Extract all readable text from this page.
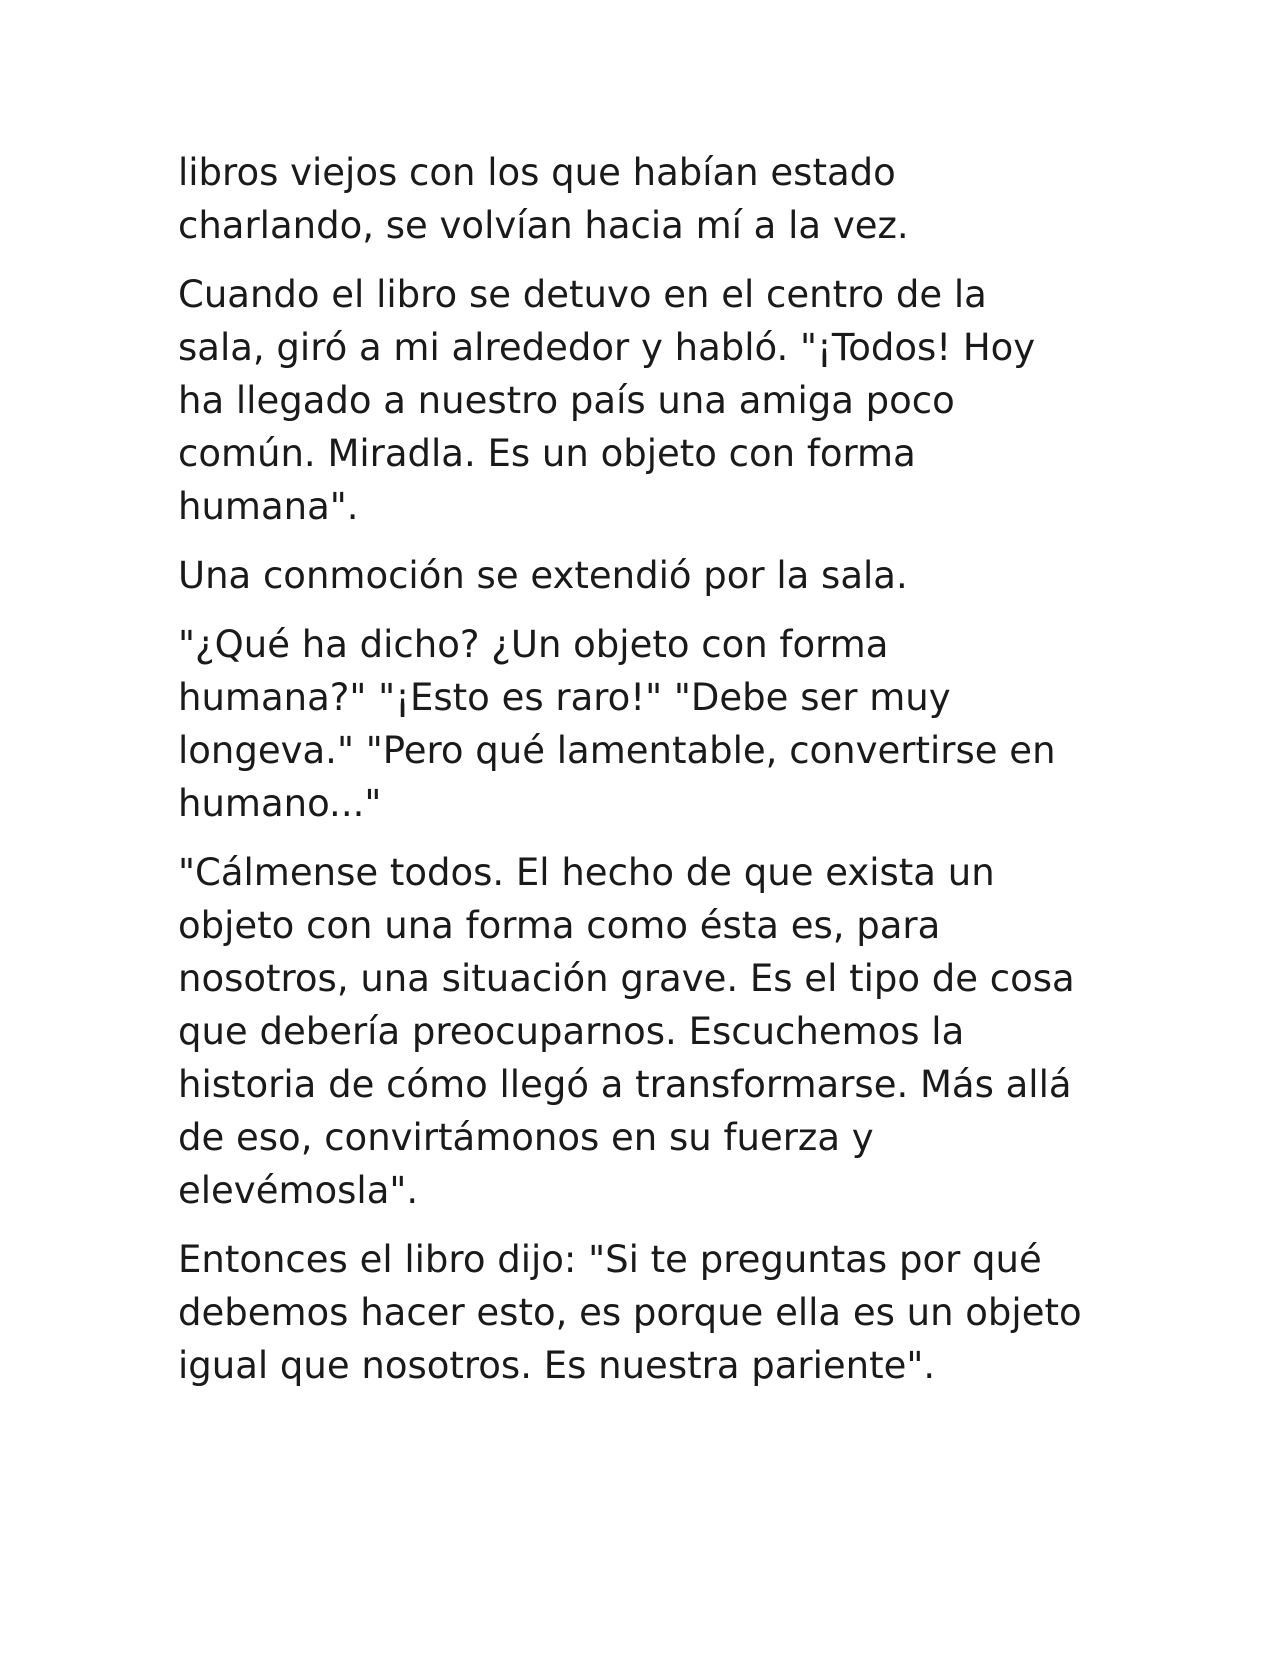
libros viejos con los que habían estado
charlando, se volvían hacia mí a la vez.
Cuando el libro se detuvo en el centro de la
sala, giró a mi alrededor y habló. "¡Todos! Hoy
ha llegado a nuestro país una amiga poco
común. Miradla. Es un objeto con forma
humana".
Una conmoción se extendió por la sala.
"¿Qué ha dicho? ¿Un objeto con forma
humana?" "¡Esto es raro!" "Debe ser muy
longeva." "Pero qué lamentable, convertirse en
humano..."
"Cálmense todos. El hecho de que exista un
objeto con una forma como ésta es, para
nosotros, una situación grave. Es el tipo de cosa
que debería preocuparnos. Escuchemos la
historia de cómo llegó a transformarse. Más allá
de eso, convirtámonos en su fuerza y
elevémosla".
Entonces el libro dijo: "Si te preguntas por qué
debemos hacer esto, es porque ella es un objeto
igual que nosotros. Es nuestra pariente".
